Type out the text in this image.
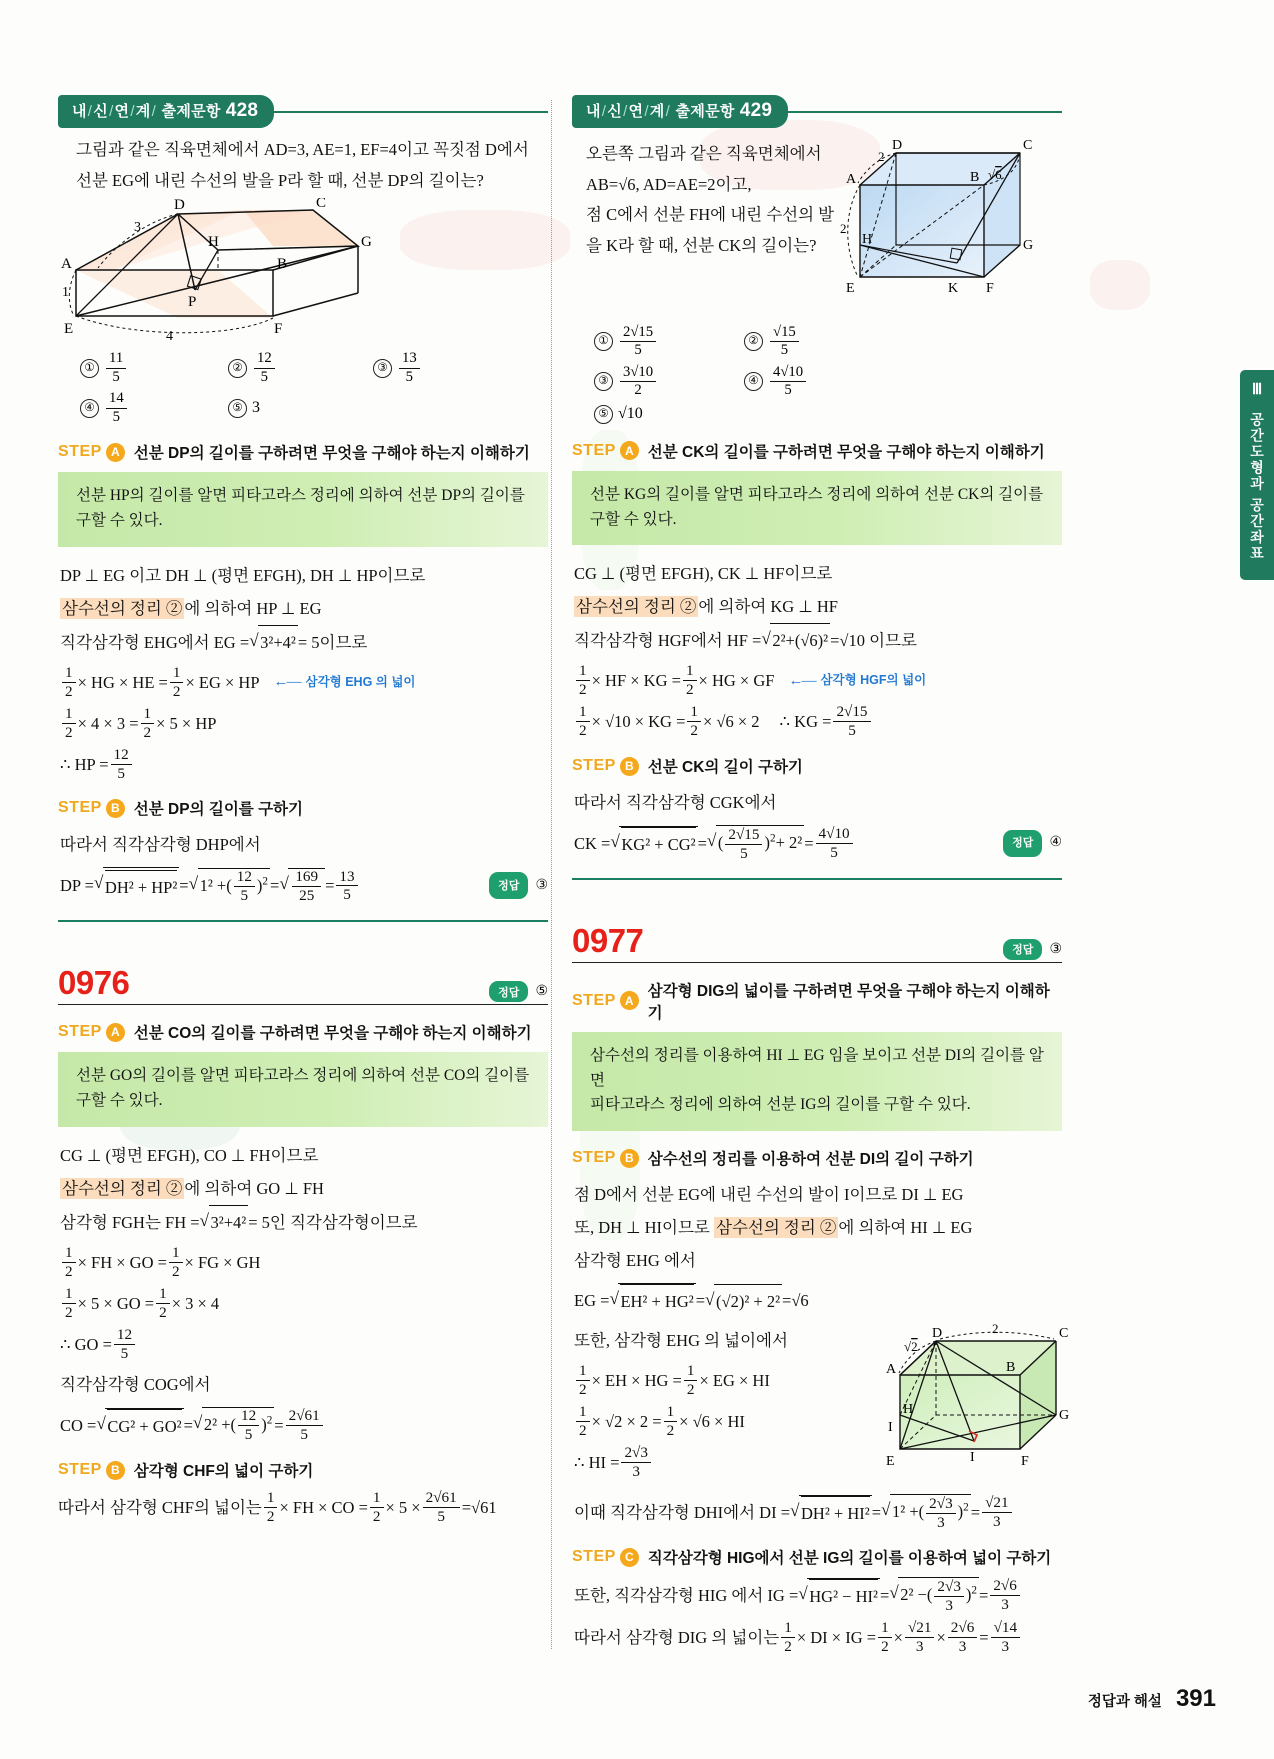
내/신/연/계/ 출제문항 428
그림과 같은 직육면체에서 AD=3, AE=1, EF=4이고 꼭짓점 D에서
선분 EG에 내린 수선의 발을 P라 할 때, 선분 DP의 길이는?
D	C
H	G
A	B
P
E	F
3
1
4
① $\frac{11}{5}$	② $\frac{12}{5}$	③ $\frac{13}{5}$
④ $\frac{14}{5}$	⑤ 3
STEP A 선분 DP의 길이를 구하려면 무엇을 구해야 하는지 이해하기
선분 HP의 길이를 알면 피타고라스 정리에 의하여 선분 DP의 길이를
구할 수 있다.
DP ⊥ EG 이고 DH ⊥ (평면 EFGH), DH ⊥ HP이므로
삼수선의 정리 ② 에 의하여 HP ⊥ EG
직각삼각형 EHG에서 EG = √ 3²+4² = 5이므로
$\frac{1}{2}$ × HG × HE = $\frac{1}{2}$ × EG × HP ←— 삼각형 EHG 의 넓이
$\frac{1}{2} \times 4 \times 3 = \frac{1}{2} \times 5$ × HP
∴ HP = $\frac{12}{5}$
STEP B 선분 DP의 길이를 구하기
따라서 직각삼각형 DHP에서
DP = √ DH² + HP² = √ 1² +( $\frac{12}{5} )^2$ = √ $\frac{169}{25} = \frac{13}{5}$	정답	③
0976	정답	⑤
STEP A 선분 CO의 길이를 구하려면 무엇을 구해야 하는지 이해하기
선분 GO의 길이를 알면 피타고라스 정리에 의하여 선분 CO의 길이를
구할 수 있다.
CG ⊥ (평면 EFGH), CO ⊥ FH이므로
삼수선의 정리 ② 에 의하여 GO ⊥ FH
삼각형 FGH는 FH = √ 3²+4² = 5인 직각삼각형이므로
$\frac{1}{2}$ × FH × GO = $\frac{1}{2}$ × FG × GH
$\frac{1}{2} \times 5$ × GO = $\frac{1}{2} \times 3 \times 4$
∴ GO = $\frac{12}{5}$
직각삼각형 COG에서
CO = √ CG² + GO² = √ 2² +( $\frac{12}{5} )^2 = \frac{2√61}{5}$
STEP B 삼각형 CHF의 넓이 구하기
따라서 삼각형 CHF의 넓이는 $\frac{1}{2}$ × FH × CO = $\frac{1}{2} \times 5 \times \frac{2√61}{5} =√61$
내/신/연/계/ 출제문항 429
오른쪽 그림과 같은 직육면체에서
AB=√6, AD=AE=2이고,
점 C에서 선분 FH에 내린 수선의 발
을 K라 할 때, 선분 CK의 길이는?
D	C
A	B
H	G
E	F
K
2
2
√6
① $\frac{2√15}{5}$	② $\frac{√15}{5}$
③ $\frac{3√10}{2}$	④ $\frac{4√10}{5}$
⑤ √10
STEP A 선분 CK의 길이를 구하려면 무엇을 구해야 하는지 이해하기
선분 KG의 길이를 알면 피타고라스 정리에 의하여 선분 CK의 길이를
구할 수 있다.
CG ⊥ (평면 EFGH), CK ⊥ HF이므로
삼수선의 정리 ② 에 의하여 KG ⊥ HF
직각삼각형 HGF에서 HF = √ 2²+(√6)² =√10 이므로
$\frac{1}{2}$ × HF × KG = $\frac{1}{2}$ × HG × GF ←— 삼각형 HGF의 넓이
$\frac{1}{2} \times √10$ × KG = $\frac{1}{2} \times √6 \times 2$ ∴ KG = $\frac{2√15}{5}$
STEP B 선분 CK의 길이 구하기
따라서 직각삼각형 CGK에서
CK = √ KG² + CG² = √ ( $\frac{2√15}{5} )^2+ 2^2 = \frac{4√10}{5}$	정답	④
0977	정답	③
STEP A
삼각형 DIG의 넓이를 구하려면 무엇을 구해야 하는지 이해하기
삼수선의 정리를 이용하여 HI ⊥ EG 임을 보이고 선분 DI의 길이를 알면
피타고라스 정리에 의하여 선분 IG의 길이를 구할 수 있다.
STEP B 삼수선의 정리를 이용하여 선분 DI의 길이 구하기
점 D에서 선분 EG에 내린 수선의 발이 I이므로 DI ⊥ EG
또, DH ⊥ HI이므로 삼수선의 정리 ② 에 의하여 HI ⊥ EG
삼각형 EHG 에서
D	C
A	B
H	G
I
E	F
I
√2
2
EG = √ EH² + HG² = √ (√2)² + 2² =√6
또한, 삼각형 EHG 의 넓이에서
$\frac{1}{2}$ × EH × HG = $\frac{1}{2}$ × EG × HI
$\frac{1}{2} \times √2 \times 2 = \frac{1}{2} \times √6$ × HI
∴ HI = $\frac{2√3}{3}$
이때 직각삼각형 DHI에서 DI = √ DH² + HI² = √ 1² +( $\frac{2√3}{3} )^2 = \frac{√21}{3}$
STEP C 직각삼각형 HIG에서 선분 IG의 길이를 이용하여 넓이 구하기
또한, 직각삼각형 HIG 에서 IG = √ HG² − HI² = √ 2² −( $\frac{2√3}{3} )^2 = \frac{2√6}{3}$
따라서 삼각형 DIG 의 넓이는 $\frac{1}{2}$ × DI × IG = $\frac{1}{2} \times \frac{√21}{3} \times \frac{2√6}{3} = \frac{√14}{3}$
Ⅲ
공간도형과 공간좌표
정답과 해설 391
